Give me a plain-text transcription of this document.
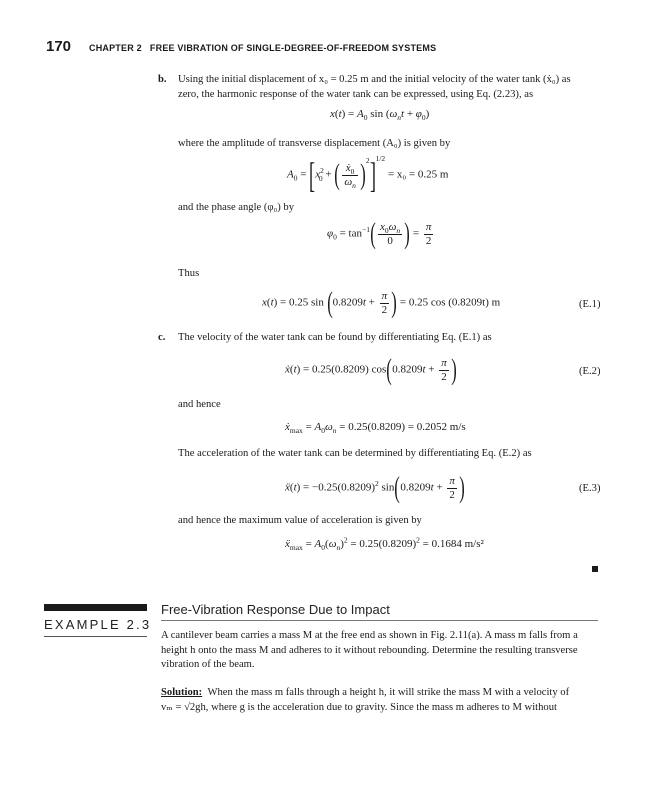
170 CHAPTER 2 FREE VIBRATION OF SINGLE-DEGREE-OF-FREEDOM SYSTEMS
b. Using the initial displacement of x₀ = 0.25 m and the initial velocity of the water tank (ẋ₀) as
zero, the harmonic response of the water tank can be expressed, using Eq. (2.23), as
$x(t) = A_0$ $\sin (\omega_nt + \varphi_0)$
where the amplitude of transverse displacement (A₀) is given by
$A_0 = [x^2_0$ + ( $\frac{ẋ_0}{\omega_n} )^2]^{1/2} = x_0 = 0.25$ m
and the phase angle (φ₀) by
$\varphi_0 = \tan^{-1}( \frac{x_0\omega_n}{0}$ ) = $\frac{\pi}{2}$
Thus
x(t) = 0.25 $\sin (0.8209t + \frac{\pi}{2}$ ) = 0.25 cos (0.8209t) m	(E.1)
c. The velocity of the water tank can be found by differentiating Eq. (E.1) as
ẋ(t) = 0.25(0.8209) $\cos(0.8209t + \frac{\pi}{2}$ )	(E.2)
and hence
ẋ$_{max}$ = $A_0\omega_n = 0.25(0.8209) = 0.2052$ m/s
The acceleration of the water tank can be determined by differentiating Eq. (E.2) as
ẍ(t) = $-0.25(0.8209)^2$ $\sin(0.8209t + \frac{\pi}{2}$ )	(E.3)
and hence the maximum value of acceleration is given by
ẍ$_{max}$ = $A_0(\omega_n)^2 = 0.25(0.8209)^2 = 0.1684$ m/s²
EXAMPLE 2.3
Free-Vibration Response Due to Impact
A cantilever beam carries a mass M at the free end as shown in Fig. 2.11(a). A mass m falls from a
height h onto the mass M and adheres to it without rebounding. Determine the resulting transverse
vibration of the beam.
Solution: When the mass m falls through a height h, it will strike the mass M with a velocity of
vₘ = √2gh, where g is the acceleration due to gravity. Since the mass m adheres to M without
